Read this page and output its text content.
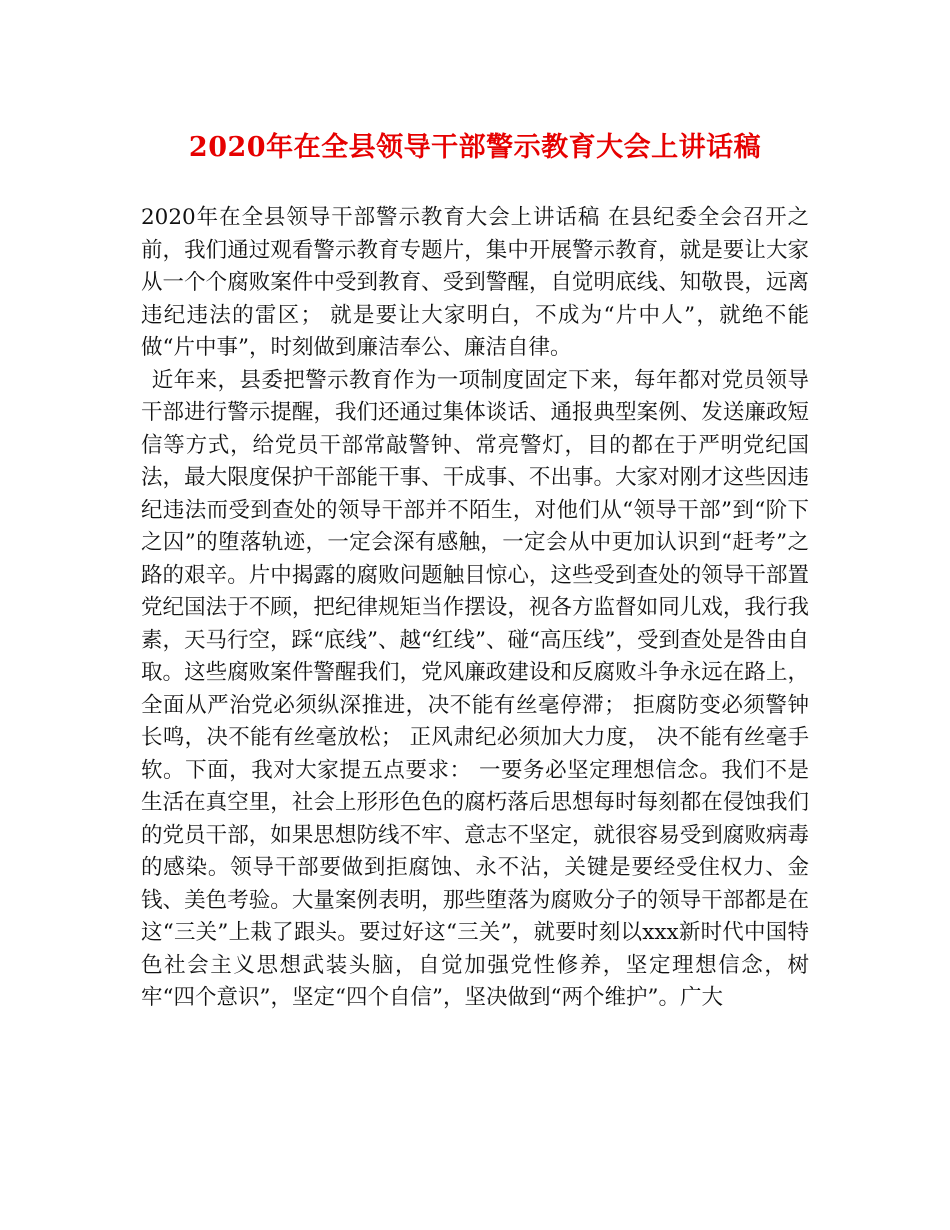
2020年在全县领导干部警示教育大会上讲话稿

2020年在全县领导干部警示教育大会上讲话稿 在县纪委全会召开之前，我们通过观看警示教育专题片，集中开展警示教育，就是要让大家从一个个腐败案件中受到教育、受到警醒，自觉明底线、知敬畏，远离违纪违法的雷区； 就是要让大家明白，不成为“片中人”，就绝不能做“片中事”，时刻做到廉洁奉公、廉洁自律。

近年来，县委把警示教育作为一项制度固定下来，每年都对党员领导干部进行警示提醒，我们还通过集体谈话、通报典型案例、发送廉政短信等方式，给党员干部常敲警钟、常亮警灯，目的都在于严明党纪国法，最大限度保护干部能干事、干成事、不出事。大家对刚才这些因违纪违法而受到查处的领导干部并不陌生，对他们从“领导干部”到“阶下之囚”的堕落轨迹，一定会深有感触，一定会从中更加认识到“赶考”之路的艰辛。片中揭露的腐败问题触目惊心，这些受到查处的领导干部置党纪国法于不顾，把纪律规矩当作摆设，视各方监督如同儿戏，我行我素，天马行空，踩“底线”、越“红线”、碰“高压线”，受到查处是咎由自取。这些腐败案件警醒我们，党风廉政建设和反腐败斗争永远在路上，全面从严治党必须纵深推进，决不能有丝毫停滞； 拒腐防变必须警钟长鸣，决不能有丝毫放松； 正风肃纪必须加大力度， 决不能有丝毫手软。下面，我对大家提五点要求： 一要务必坚定理想信念。我们不是生活在真空里，社会上形形色色的腐朽落后思想每时每刻都在侵蚀我们的党员干部，如果思想防线不牢、意志不坚定，就很容易受到腐败病毒的感染。领导干部要做到拒腐蚀、永不沾，关键是要经受住权力、金钱、美色考验。大量案例表明，那些堕落为腐败分子的领导干部都是在这“三关”上栽了跟头。要过好这“三关”，就要时刻以xxx新时代中国特色社会主义思想武装头脑，自觉加强党性修养，坚定理想信念，树牢“四个意识”，坚定“四个自信”，坚决做到“两个维护”。广大
